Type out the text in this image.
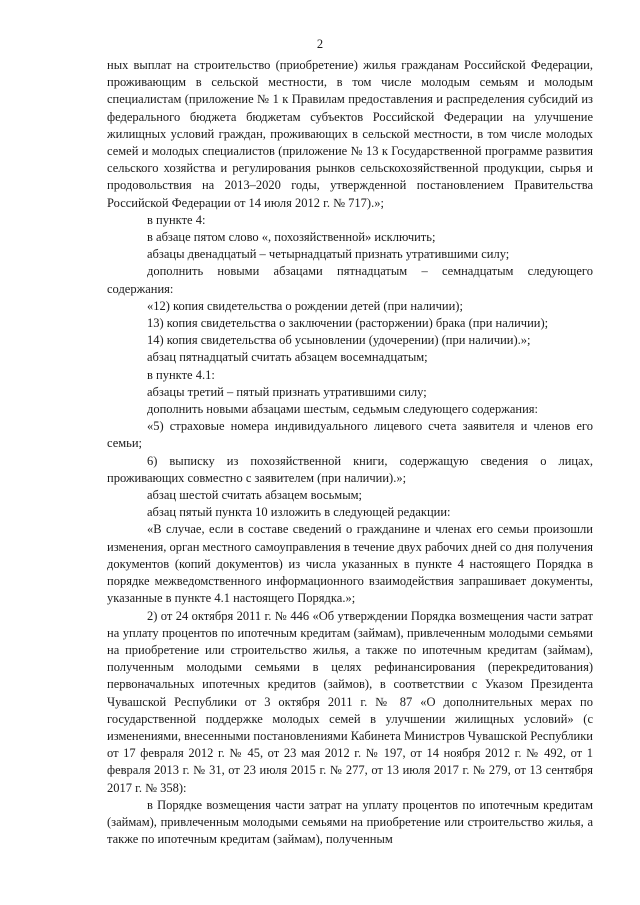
2

ных выплат на строительство (приобретение) жилья гражданам Российской Федерации, проживающим в сельской местности, в том числе молодым семьям и молодым специалистам (приложение № 1 к Правилам предоставления и распределения субсидий из федерального бюджета бюджетам субъектов Российской Федерации на улучшение жилищных условий граждан, проживающих в сельской местности, в том числе молодых семей и молодых специалистов (приложение № 13 к Государственной программе развития сельского хозяйства и регулирования рынков сельскохозяйственной продукции, сырья и продовольствия на 2013–2020 годы, утвержденной постановлением Правительства Российской Федерации от 14 июля 2012 г. № 717).»;

в пункте 4:

в абзаце пятом слово «, похозяйственной» исключить;

абзацы двенадцатый – четырнадцатый признать утратившими силу;

дополнить новыми абзацами пятнадцатым – семнадцатым следующего содержания:

«12) копия свидетельства о рождении детей (при наличии);

13) копия свидетельства о заключении (расторжении) брака (при наличии);

14) копия свидетельства об усыновлении (удочерении) (при наличии).»;

абзац пятнадцатый считать абзацем восемнадцатым;

в пункте 4.1:

абзацы третий – пятый признать утратившими силу;

дополнить новыми абзацами шестым, седьмым следующего содержания:

«5) страховые номера индивидуального лицевого счета заявителя и членов его семьи;

6) выписку из похозяйственной книги, содержащую сведения о лицах, проживающих совместно с заявителем (при наличии).»;

абзац шестой считать абзацем восьмым;

абзац пятый пункта 10 изложить в следующей редакции:

«В случае, если в составе сведений о гражданине и членах его семьи произошли изменения, орган местного самоуправления в течение двух рабочих дней со дня получения документов (копий документов) из числа указанных в пункте 4 настоящего Порядка в порядке межведомственного информационного взаимодействия запрашивает документы, указанные в пункте 4.1 настоящего Порядка.»;

2) от 24 октября 2011 г. № 446 «Об утверждении Порядка возмещения части затрат на уплату процентов по ипотечным кредитам (займам), привлеченным молодыми семьями на приобретение или строительство жилья, а также по ипотечным кредитам (займам), полученным молодыми семьями в целях рефинансирования (перекредитования) первоначальных ипотечных кредитов (займов), в соответствии с Указом Президента Чувашской Республики от 3 октября 2011 г. № 87 «О дополнительных мерах по государственной поддержке молодых семей в улучшении жилищных условий» (с изменениями, внесенными постановлениями Кабинета Министров Чувашской Республики от 17 февраля 2012 г. № 45, от 23 мая 2012 г. № 197, от 14 ноября 2012 г. № 492, от 1 февраля 2013 г. № 31, от 23 июля 2015 г. № 277, от 13 июля 2017 г. № 279, от 13 сентября 2017 г. № 358):

в Порядке возмещения части затрат на уплату процентов по ипотечным кредитам (займам), привлеченным молодыми семьями на приобретение или строительство жилья, а также по ипотечным кредитам (займам), полученным
